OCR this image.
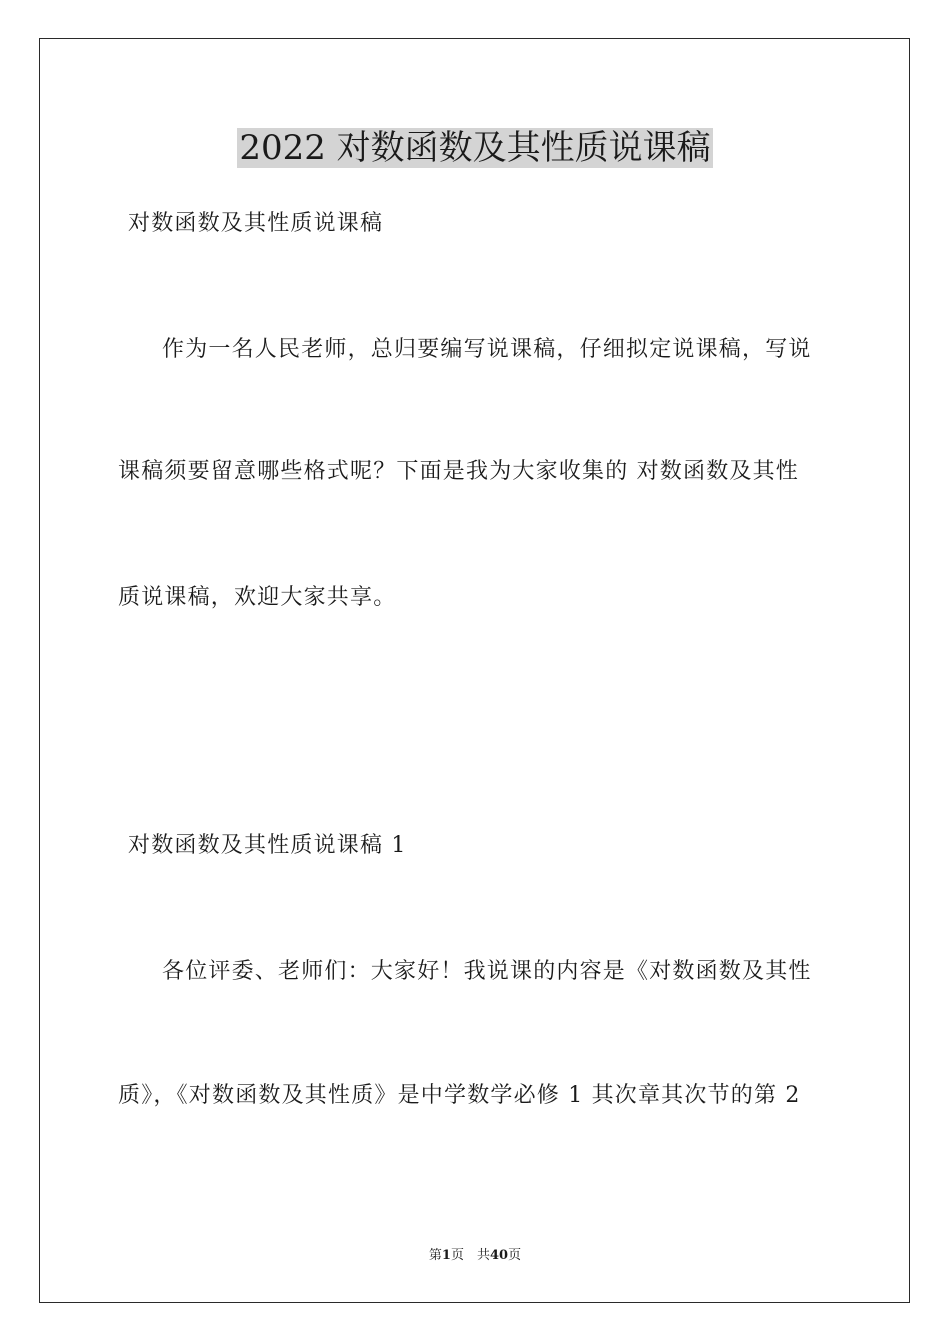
2022 对数函数及其性质说课稿

对数函数及其性质说课稿

作为一名人民老师，总归要编写说课稿，仔细拟定说课稿，写说

课稿须要留意哪些格式呢？下面是我为大家收集的 对数函数及其性

质说课稿，欢迎大家共享。

对数函数及其性质说课稿 1

各位评委、老师们：大家好！我说课的内容是《对数函数及其性

质》，《对数函数及其性质》是中学数学必修 1 其次章其次节的第 2

第1页　共40页
